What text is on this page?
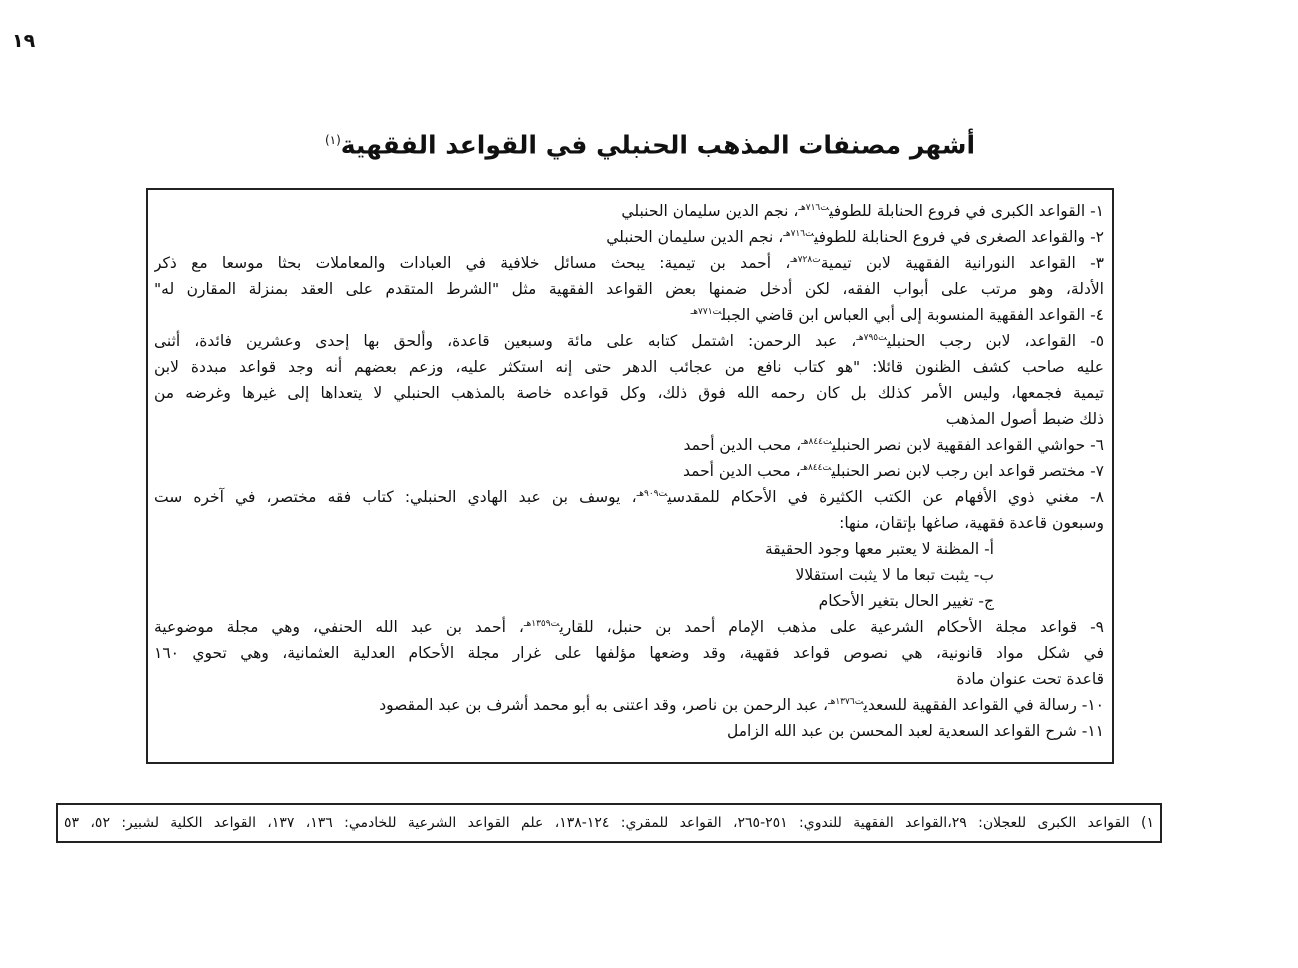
١٩
أشهر مصنفات المذهب الحنبلي في القواعد الفقهية$^{(١)}$
١- القواعد الكبرى في فروع الحنابلة للطوفي$^{ت٧١٦هـ}$، نجم الدين سليمان الحنبلي
٢- والقواعد الصغرى في فروع الحنابلة للطوفي$^{ت٧١٦هـ}$، نجم الدين سليمان الحنبلي
٣- القواعد النورانية الفقهية لابن تيمية$^{ت٧٢٨هـ}$، أحمد بن تيمية: يبحث مسائل خلافية في العبادات والمعاملات بحثا موسعا مع ذكر
الأدلة، وهو مرتب على أبواب الفقه، لكن أدخل ضمنها بعض القواعد الفقهية مثل "الشرط المتقدم على العقد بمنزلة المقارن له"
٤- القواعد الفقهية المنسوبة إلى أبي العباس ابن قاضي الجبل$^{ت٧٧١هـ}$
٥- القواعد، لابن رجب الحنبلي$^{ت٧٩٥هـ}$، عبد الرحمن: اشتمل كتابه على مائة وسبعين قاعدة، وألحق بها إحدى وعشرين فائدة، أثنى
عليه صاحب كشف الظنون قائلا: "هو كتاب نافع من عجائب الدهر حتى إنه استكثر عليه، وزعم بعضهم أنه وجد قواعد مبددة لابن
تيمية فجمعها، وليس الأمر كذلك بل كان رحمه الله فوق ذلك، وكل قواعده خاصة بالمذهب الحنبلي لا يتعداها إلى غيرها وغرضه من
ذلك ضبط أصول المذهب
٦- حواشي القواعد الفقهية لابن نصر الحنبلي$^{ت٨٤٤هـ}$، محب الدين أحمد
٧- مختصر قواعد ابن رجب لابن نصر الحنبلي$^{ت٨٤٤هـ}$، محب الدين أحمد
٨- مغني ذوي الأفهام عن الكتب الكثيرة في الأحكام للمقدسي$^{ت٩٠٩هـ}$، يوسف بن عبد الهادي الحنبلي: كتاب فقه مختصر، في آخره ست
وسبعون قاعدة فقهية، صاغها بإتقان، منها:
أ- المظنة لا يعتبر معها وجود الحقيقة
ب- يثبت تبعا ما لا يثبت استقلالا
ج- تغيير الحال بتغير الأحكام
٩- قواعد مجلة الأحكام الشرعية على مذهب الإمام أحمد بن حنبل، للقاري$^{ت١٣٥٩هـ}$، أحمد بن عبد الله الحنفي، وهي مجلة موضوعية
في شكل مواد قانونية، هي نصوص قواعد فقهية، وقد وضعها مؤلفها على غرار مجلة الأحكام العدلية العثمانية، وهي تحوي ١٦٠
قاعدة تحت عنوان مادة
١٠- رسالة في القواعد الفقهية للسعدي$^{ت١٣٧٦هـ}$، عبد الرحمن بن ناصر، وقد اعتنى به أبو محمد أشرف بن عبد المقصود
١١- شرح القواعد السعدية لعبد المحسن بن عبد الله الزامل
١) القواعد الكبرى للعجلان: ٢٩،القواعد الفقهية للندوي: ٢٥١-٢٦٥، القواعد للمقري: ١٢٤-١٣٨، علم القواعد الشرعية للخادمي: ١٣٦، ١٣٧، القواعد الكلية لشبير: ٥٢، ٥٣
